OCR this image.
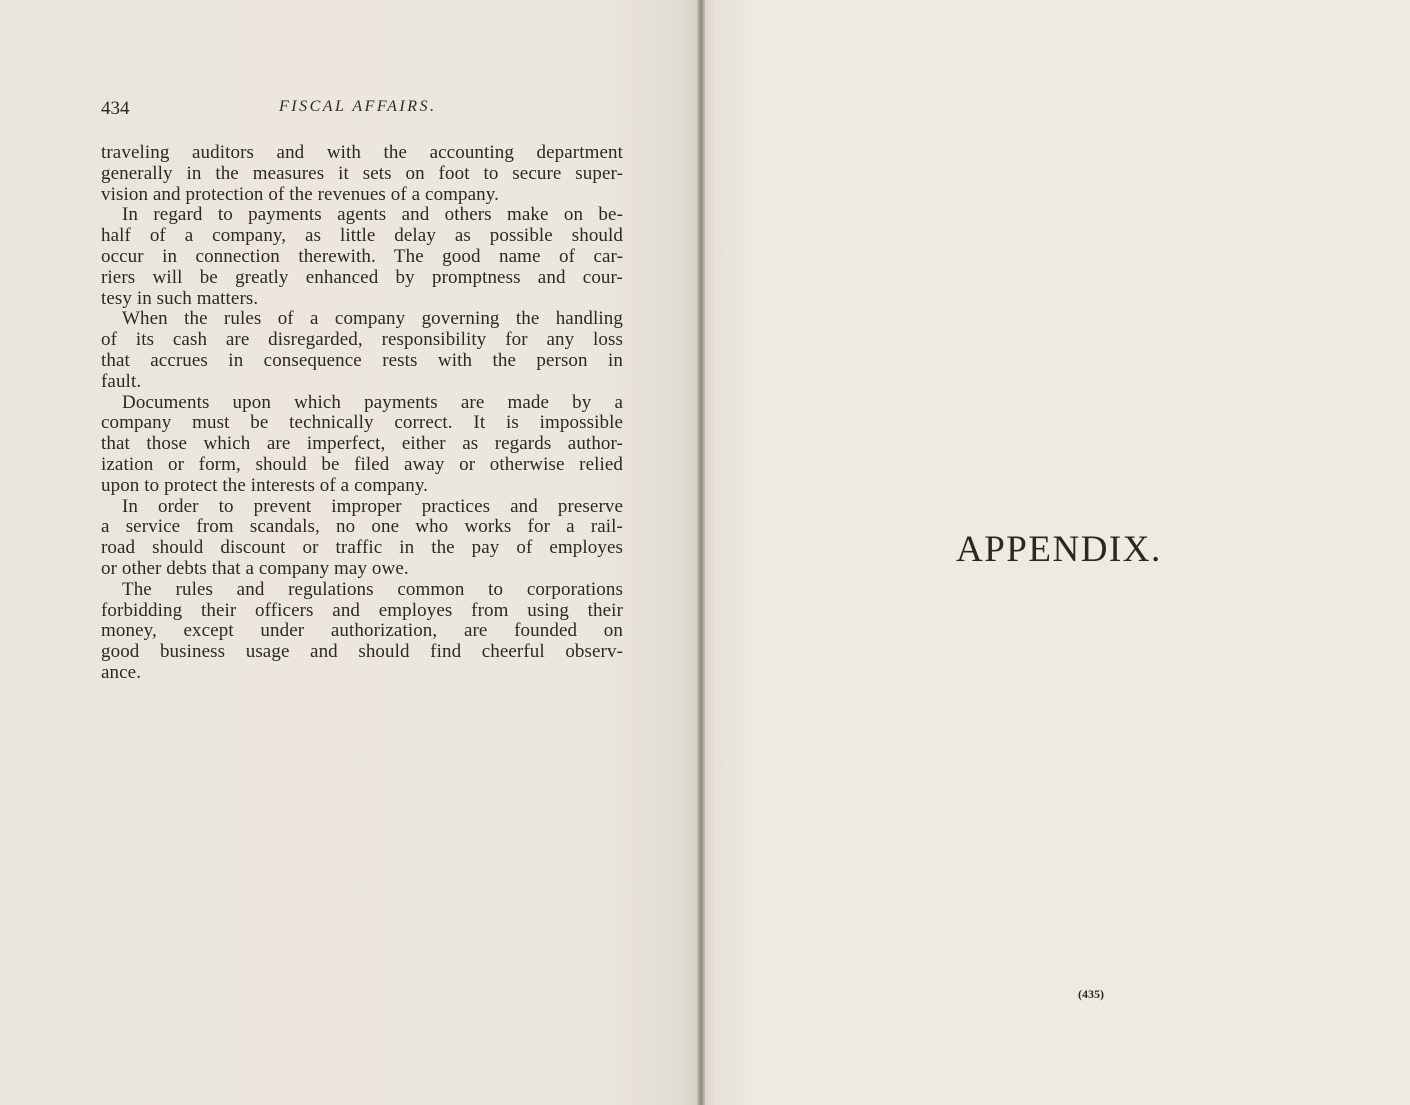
434	FISCAL AFFAIRS.
traveling auditors and with the accounting department
generally in the measures it sets on foot to secure super-
vision and protection of the revenues of a company.
In regard to payments agents and others make on be-
half of a company, as little delay as possible should
occur in connection therewith. The good name of car-
riers will be greatly enhanced by promptness and cour-
tesy in such matters.
When the rules of a company governing the handling
of its cash are disregarded, responsibility for any loss
that accrues in consequence rests with the person in
fault.
Documents upon which payments are made by a
company must be technically correct. It is impossible
that those which are imperfect, either as regards author-
ization or form, should be filed away or otherwise relied
upon to protect the interests of a company.
In order to prevent improper practices and preserve
a service from scandals, no one who works for a rail-
road should discount or traffic in the pay of employes
or other debts that a company may owe.
The rules and regulations common to corporations
forbidding their officers and employes from using their
money, except under authorization, are founded on
good business usage and should find cheerful observ-
ance.
APPENDIX.
(435)
